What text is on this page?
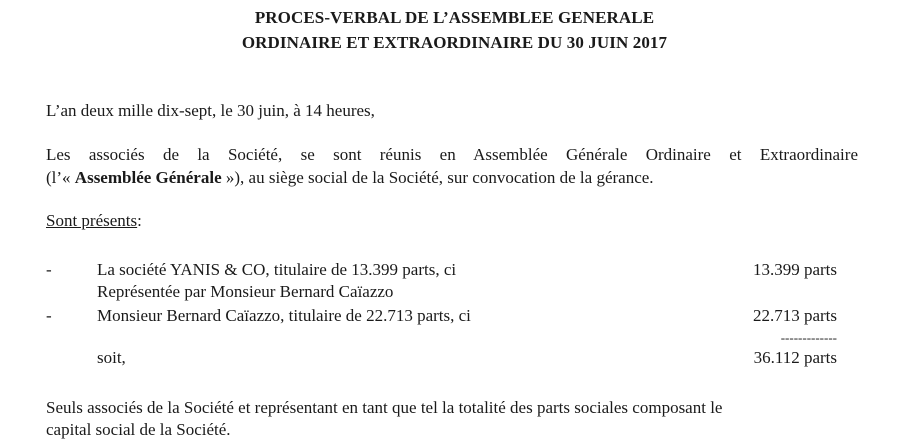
PROCES-VERBAL DE L’ASSEMBLEE GENERALE
ORDINAIRE ET EXTRAORDINAIRE DU 30 JUIN 2017
L’an deux mille dix-sept, le 30 juin, à 14 heures,
Les associés de la Société, se sont réunis en Assemblée Générale Ordinaire et Extraordinaire
(l’« Assemblée Générale »), au siège social de la Société, sur convocation de la gérance.
Sont présents:
-	La société YANIS & CO, titulaire de 13.399 parts, ci	13.399 parts
Représentée par Monsieur Bernard Caïazzo
-	Monsieur Bernard Caïazzo, titulaire de 22.713 parts, ci	22.713 parts
-------------
soit,	36.112 parts
Seuls associés de la Société et représentant en tant que tel la totalité des parts sociales composant le
capital social de la Société.
